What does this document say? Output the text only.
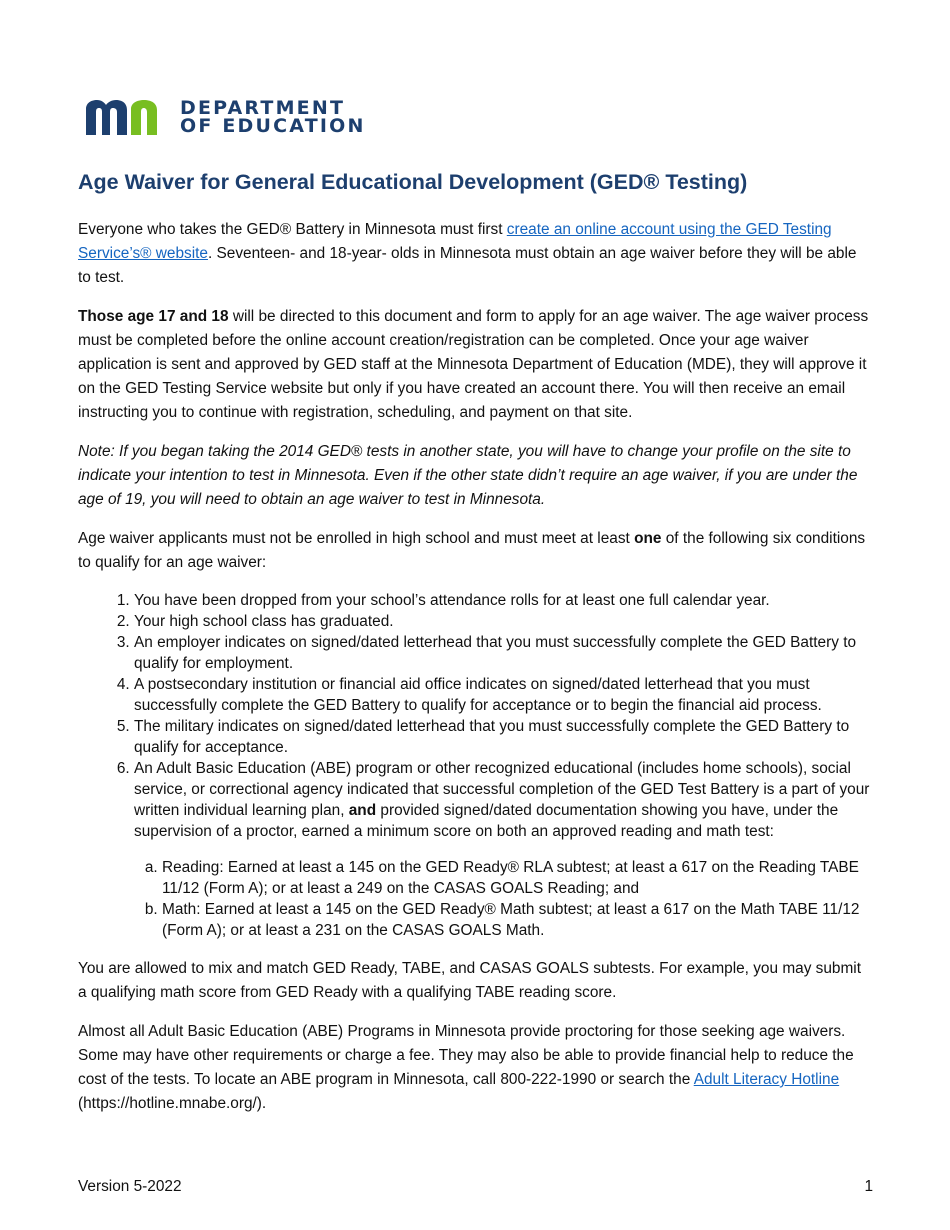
DEPARTMENT
OF EDUCATION
Age Waiver for General Educational Development (GED® Testing)

Everyone who takes the GED® Battery in Minnesota must first create an online account using the GED Testing Service’s® website. Seventeen- and 18-year- olds in Minnesota must obtain an age waiver before they will be able to test.

Those age 17 and 18 will be directed to this document and form to apply for an age waiver. The age waiver process must be completed before the online account creation/registration can be completed. Once your age waiver application is sent and approved by GED staff at the Minnesota Department of Education (MDE), they will approve it on the GED Testing Service website but only if you have created an account there. You will then receive an email instructing you to continue with registration, scheduling, and payment on that site.

Note: If you began taking the 2014 GED® tests in another state, you will have to change your profile on the site to indicate your intention to test in Minnesota. Even if the other state didn’t require an age waiver, if you are under the age of 19, you will need to obtain an age waiver to test in Minnesota.

Age waiver applicants must not be enrolled in high school and must meet at least one of the following six conditions to qualify for an age waiver:

1. You have been dropped from your school’s attendance rolls for at least one full calendar year.
2. Your high school class has graduated.
3. An employer indicates on signed/dated letterhead that you must successfully complete the GED Battery to qualify for employment.
4. A postsecondary institution or financial aid office indicates on signed/dated letterhead that you must successfully complete the GED Battery to qualify for acceptance or to begin the financial aid process.
5. The military indicates on signed/dated letterhead that you must successfully complete the GED Battery to qualify for acceptance.
6. An Adult Basic Education (ABE) program or other recognized educational (includes home schools), social service, or correctional agency indicated that successful completion of the GED Test Battery is a part of your written individual learning plan, and provided signed/dated documentation showing you have, under the supervision of a proctor, earned a minimum score on both an approved reading and math test:
a. Reading: Earned at least a 145 on the GED Ready® RLA subtest; at least a 617 on the Reading TABE 11/12 (Form A); or at least a 249 on the CASAS GOALS Reading; and
b. Math: Earned at least a 145 on the GED Ready® Math subtest; at least a 617 on the Math TABE 11/12 (Form A); or at least a 231 on the CASAS GOALS Math.

You are allowed to mix and match GED Ready, TABE, and CASAS GOALS subtests. For example, you may submit a qualifying math score from GED Ready with a qualifying TABE reading score.

Almost all Adult Basic Education (ABE) Programs in Minnesota provide proctoring for those seeking age waivers. Some may have other requirements or charge a fee. They may also be able to provide financial help to reduce the cost of the tests. To locate an ABE program in Minnesota, call 800-222-1990 or search the Adult Literacy Hotline (https://hotline.mnabe.org/).

Version 5-2022	1
